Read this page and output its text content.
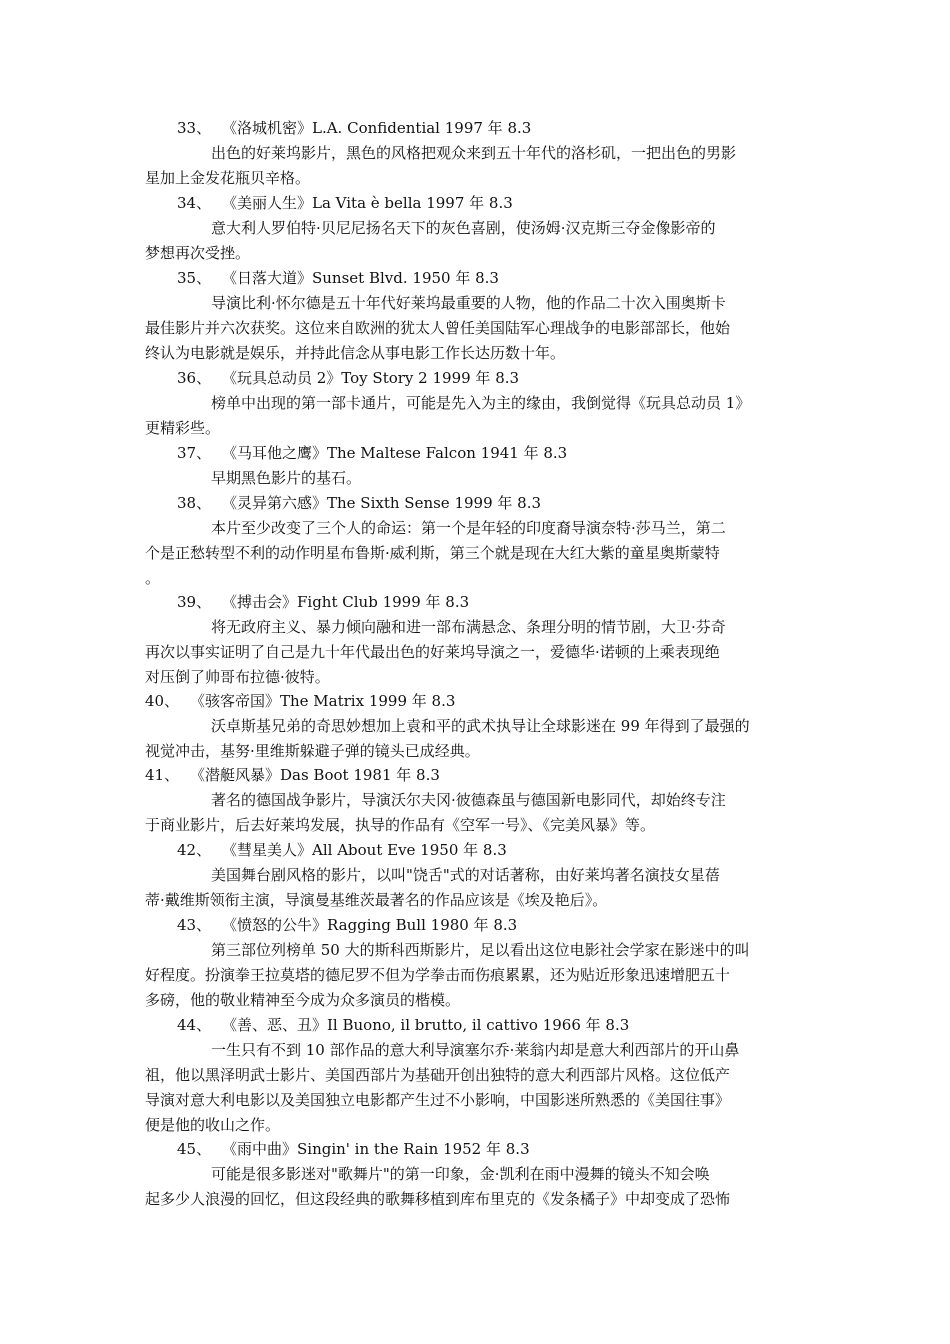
33、 《洛城机密》L.A. Confidential 1997 年 8.3
出色的好莱坞影片，黑色的风格把观众来到五十年代的洛杉矶，一把出色的男影
星加上金发花瓶贝辛格。
34、 《美丽人生》La Vita è bella 1997 年 8.3
意大利人罗伯特·贝尼尼扬名天下的灰色喜剧，使汤姆·汉克斯三夺金像影帝的
梦想再次受挫。
35、 《日落大道》Sunset Blvd. 1950 年 8.3
导演比利·怀尔德是五十年代好莱坞最重要的人物，他的作品二十次入围奥斯卡
最佳影片并六次获奖。这位来自欧洲的犹太人曾任美国陆军心理战争的电影部部长，他始
终认为电影就是娱乐，并持此信念从事电影工作长达历数十年。
36、 《玩具总动员 2》Toy Story 2 1999 年 8.3
榜单中出现的第一部卡通片，可能是先入为主的缘由，我倒觉得《玩具总动员 1》
更精彩些。
37、 《马耳他之鹰》The Maltese Falcon 1941 年 8.3
早期黑色影片的基石。
38、 《灵异第六感》The Sixth Sense 1999 年 8.3
本片至少改变了三个人的命运：第一个是年轻的印度裔导演奈特·莎马兰，第二
个是正愁转型不利的动作明星布鲁斯·威利斯，第三个就是现在大红大紫的童星奥斯蒙特
。
39、 《搏击会》Fight Club 1999 年 8.3
将无政府主义、暴力倾向融和进一部布满悬念、条理分明的情节剧，大卫·芬奇
再次以事实证明了自己是九十年代最出色的好莱坞导演之一，爱德华·诺顿的上乘表现绝
对压倒了帅哥布拉德·彼特。
40、 《骇客帝国》The Matrix 1999 年 8.3
沃卓斯基兄弟的奇思妙想加上袁和平的武术执导让全球影迷在 99 年得到了最强的
视觉冲击，基努·里维斯躲避子弹的镜头已成经典。
41、 《潜艇风暴》Das Boot 1981 年 8.3
著名的德国战争影片，导演沃尔夫冈·彼德森虽与德国新电影同代，却始终专注
于商业影片，后去好莱坞发展，执导的作品有《空军一号》、《完美风暴》等。
42、 《彗星美人》All About Eve 1950 年 8.3
美国舞台剧风格的影片，以叫"饶舌"式的对话著称，由好莱坞著名演技女星蓓
蒂·戴维斯领衔主演，导演曼基维茨最著名的作品应该是《埃及艳后》。
43、 《愤怒的公牛》Ragging Bull 1980 年 8.3
第三部位列榜单 50 大的斯科西斯影片，足以看出这位电影社会学家在影迷中的叫
好程度。扮演拳王拉莫塔的德尼罗不但为学拳击而伤痕累累，还为贴近形象迅速增肥五十
多磅，他的敬业精神至今成为众多演员的楷模。
44、 《善、恶、丑》Il Buono, il brutto, il cattivo 1966 年 8.3
一生只有不到 10 部作品的意大利导演塞尔乔·莱翁内却是意大利西部片的开山鼻
祖，他以黑泽明武士影片、美国西部片为基础开创出独特的意大利西部片风格。这位低产
导演对意大利电影以及美国独立电影都产生过不小影响，中国影迷所熟悉的《美国往事》
便是他的收山之作。
45、 《雨中曲》Singin' in the Rain 1952 年 8.3
可能是很多影迷对"歌舞片"的第一印象，金·凯利在雨中漫舞的镜头不知会唤
起多少人浪漫的回忆，但这段经典的歌舞移植到库布里克的《发条橘子》中却变成了恐怖
